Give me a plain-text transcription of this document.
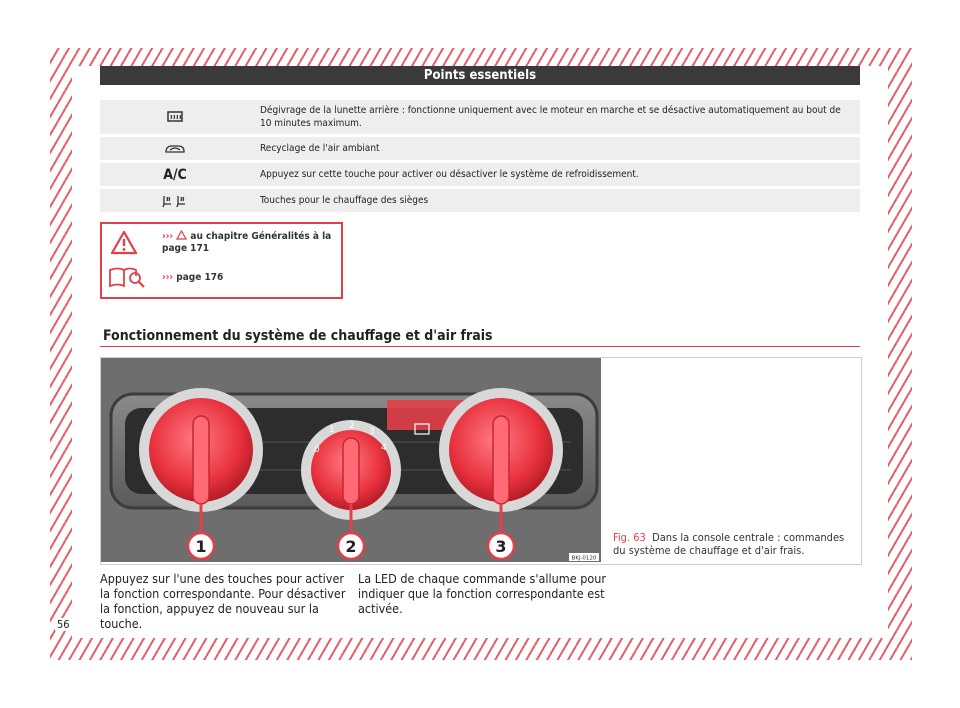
Points essentiels
Dégivrage de la lunette arrière : fonctionne uniquement avec le moteur en marche et se désactive automatiquement au bout de 10 minutes maximum.
Recyclage de l'air ambiant
A/C	Appuyez sur cette touche pour activer ou désactiver le système de refroidissement.
Touches pour le chauffage des sièges
››› au chapitre Généralités à la page 171
››› page 176
Fonctionnement du système de chauffage et d'air frais
0
1 2
3
4
1	2	3
BKJ-0120
Fig. 63 Dans la console centrale : commandes du système de chauffage et d'air frais.
Appuyez sur l'une des touches pour activer la fonction correspondante. Pour désactiver la fonction, appuyez de nouveau sur la touche.
La LED de chaque commande s'allume pour indiquer que la fonction correspondante est activée.
56
